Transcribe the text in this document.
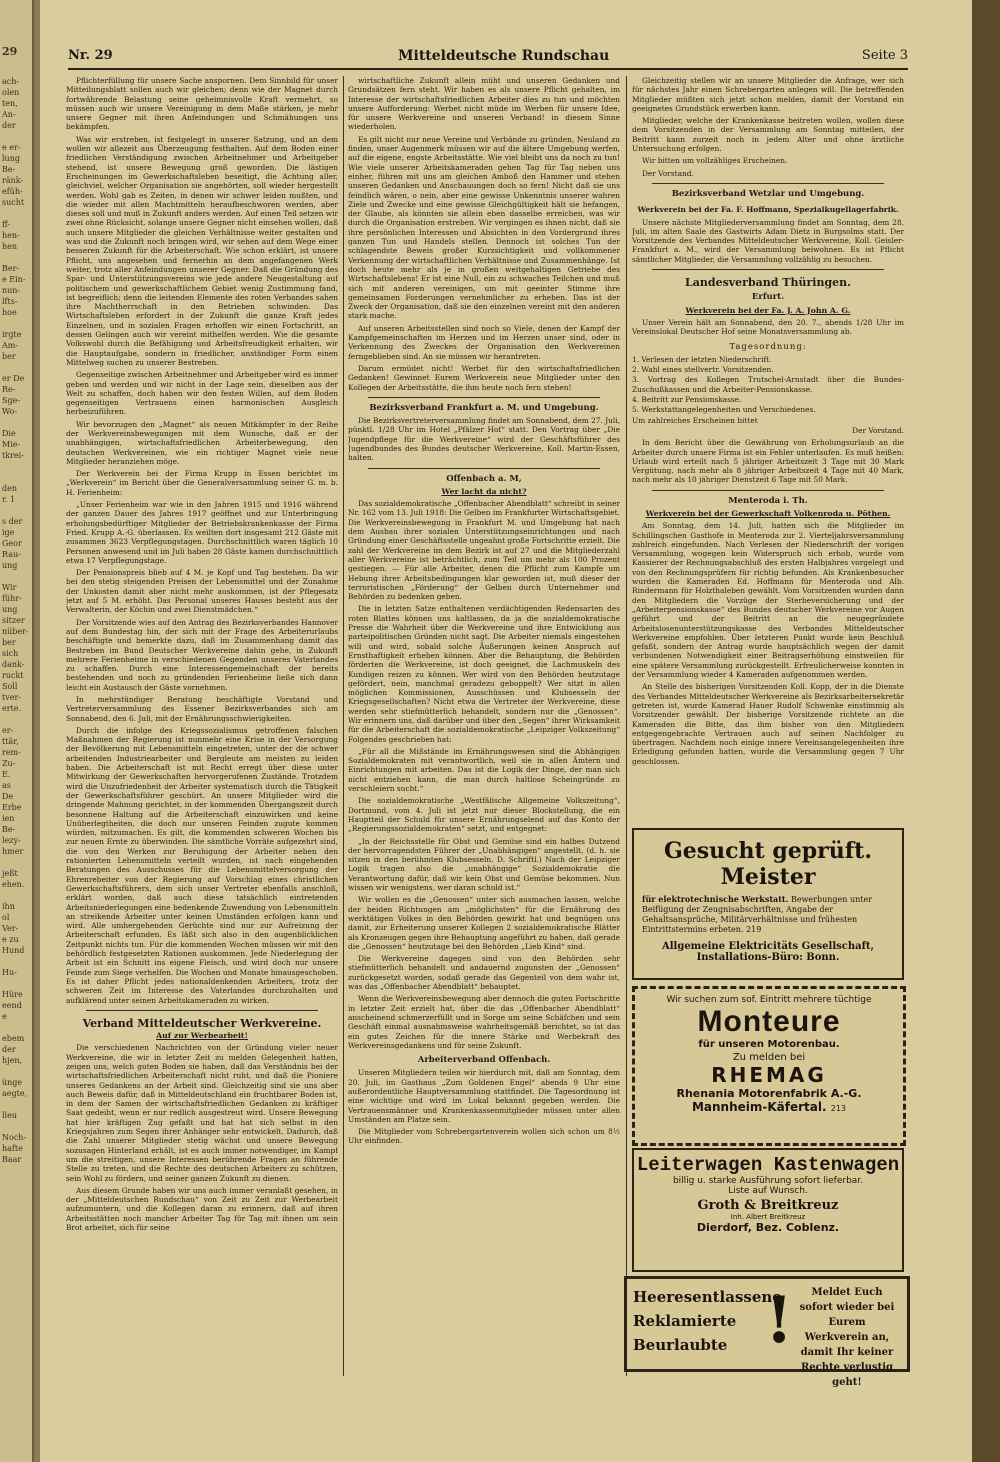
29
ach-
olen
ten,
An-
der

e er-
lung
Be-
ränk-
efüh-
sucht

ff-
hen-
hen

Ber-
e Ein-
nun-
lfts-
hoe

irgte
Am-
ber

er De
Re-
Sge-
Wo-

Die
Mie-
tkrei-

den
r. 1

s der
ige
Geor
Rau-
ung

Wir
führ-
ung
sitzer
nüber-
ber
sich
dank-
ruckt
Soll
tver-
erte.

er-
ttär,
rem-
Zu-
E.
as
De
Erbe
ien
Be-
lezy-
hmer

jeßt
ehen.

ihn
ol
Ver-
e zu
Hund

Hu-

Hüre
eend
e

ebem
der
hjen,

ünge
aegte,

lleu

Noch-
hafte
Baar
Nr. 29	Mitteldeutsche Rundschau	Seite 3

Pflichterfüllung für unsere Sache anspornen. Dem Sinnbild für unser Mitteilungsblatt sollen auch wir gleichen; denn wie der Magnet durch fortwährende Belastung seine geheimnisvolle Kraft vermehrt, so müssen auch wir unsere Vereinigung in dem Maße stärken, je mehr unsere Gegner mit ihren Anfeindungen und Schmähungen uns bekämpfen.

Was wir erstreben, ist festgelegt in unserer Satzung, und an dem wollen wir allezeit aus Überzeugung festhalten. Auf dem Boden einer friedlichen Verständigung zwischen Arbeitnehmer und Arbeitgeber stehend, ist unsere Bewegung groß geworden. Die lästigen Erscheinungen im Gewerkschaftsleben beseitigt, die Achtung aller, gleichviel, welcher Organisation sie angehörten, soll wieder hergestellt werden. Wohl gab es Zeiten, in denen wir schwer leiden mußten, und die wieder mit allen Machtmitteln heraufbeschworen werden, aber dieses soll und muß in Zukunft anders werden. Auf einen Teil setzen wir zwei ohne Rücksicht, solange unsere Gegner nicht einsehen wollen, daß auch unsere Mitglieder die gleichen Verhältnisse weiter gestalten und was und die Zukunft noch bringen wird, wir sehen auf dem Wege einer besseren Zukunft für die Arbeiterschaft. Wie schon erklärt, ist unsere Pflicht, uns angesehen und fernerhin an dem angefangenen Werk weiter, trotz aller Anfeindungen unserer Gegner. Daß die Gründung des Spar- und Unterstützungsvereins wie jede andere Neugestaltung auf politischem und gewerkschaftlichem Gebiet wenig Zustimmung fand, ist begreiflich; denn die leitenden Elemente des roten Verbandes sahen ihre Machtherrschaft in den Betrieben schwinden. Das Wirtschaftsleben erfordert in der Zukunft die ganze Kraft jedes Einzelnen, und in sozialen Fragen erhoffen wir einen Fortschritt, an dessen Gelingen auch wir vereint mithelfen werden. Wie die gesamte Volkswohl durch die Befähigung und Arbeitsfreudigkeit erhalten, wir die Hauptaufgabe, sondern in friedlicher, anständiger Form einen Mittelweg suchen zu unserer Bestreben.

Gegenseitige zwischen Arbeitnehmer und Arbeitgeber wird es immer geben und werden und wir nicht in der Lage sein, dieselben aus der Welt zu schaffen, doch haben wir den festen Willen, auf dem Boden gegenseitigen Vertrauens einen harmonischen Ausgleich herbeizuführen.

Wir bevorzugen den „Magnet“ als neuen Mitkämpfer in der Reihe der Werkvereinsbewegungen mit dem Wunsche, daß er der unabhängigen, wirtschaftsfriedlichen Arbeiterbewegung, den deutschen Werkvereinen, wie ein richtiger Magnet viele neue Mitglieder heranziehen möge.

Der Werkverein bei der Firma Krupp in Essen berichtet im „Werkverein“ im Bericht über die Generalversammlung seiner G. m. b. H. Ferienheim:

„Unser Ferienheim war wie in den Jahren 1915 und 1916 während der ganzen Dauer des Jahres 1917 geöffnet und zur Unterbringung erholungsbedürftiger Mitglieder der Betriebskrankenkasse der Firma Fried. Krupp A.-G. überlassen. Es weilten dort insgesamt 212 Gäste mit zusammen 3623 Verpflegungstagen. Durchschnittlich waren täglich 10 Personen anwesend und im Juli haben 28 Gäste kamen durchschnittlich etwa 17 Verpflegungstage.

Der Pensionspreis blieb auf 4 M. je Kopf und Tag bestehen. Da wir bei den stetig steigenden Preisen der Lebensmittel und der Zunahme der Unkosten damit aber nicht mehr auskommen, ist der Pflegesatz jetzt auf 5 M. erhöht. Das Personal unseres Hauses besteht aus der Verwalterin, der Köchin und zwei Dienstmädchen.“

Der Vorsitzende wies auf den Antrag des Bezirksverbandes Hannover auf dem Bundestag hin, der sich mit der Frage des Arbeiterurlaubs beschäftigte und bemerkte dazu, daß im Zusammenhang damit das Bestreben im Bund Deutscher Werkvereine dahin gehe, in Zukunft mehrere Ferienheime in verschiedenen Gegenden unseres Vaterlandes zu schaffen. Durch eine Interessengemeinschaft der bereits bestehenden und noch zu gründenden Ferienheime ließe sich dann leicht ein Austausch der Gäste vornehmen.

In mehrstündiger Beratung beschäftigte Vorstand und Vertreterversammlung des Essener Bezirksverbandes sich am Sonnabend, den 6. Juli, mit der Ernährungsschwierigkeiten.

Durch die infolge des Kriegssozialismus getroffenen falschen Maßnahmen der Regierung ist nunmehr eine Krise in der Versorgung der Bevölkerung mit Lebensmitteln eingetreten, unter der die schwer arbeitenden Industriearbeiter und Bergleute am meisten zu leiden haben. Die Arbeiterschaft ist mit Recht erregt über diese unter Mitwirkung der Gewerkschaften hervorgerufenen Zustände. Trotzdem wird die Unzufriedenheit der Arbeiter systematisch durch die Tätigkeit der Gewerkschaftsführer geschürt. An unsere Mitglieder wird die dringende Mahnung gerichtet, in der kommenden Übergangszeit durch besonnene Haltung auf die Arbeiterschaft einzuwirken und keine Unüberlegtheiten, die doch nur unseren Feinden zugute kommen würden, mitzumachen. Es gilt, die kommenden schweren Wochen bis zur neuen Ernte zu überwinden. Die sämtliche Vorräte aufgezehrt sind, die von den Werken zur Beruhigung der Arbeiter neben den rationierten Lebensmitteln verteilt wurden, ist nach eingehenden Beratungen des Ausschusses für die Lebensmittelversorgung der Ehrenrebeiter von der Regierung auf Vorschlag eines christlichen Gewerkschaftsführers, dem sich unser Vertreter ebenfalls anschloß, erklärt worden, daß auch diese tatsächlich eintretenden Arbeitsniederlegungen eine bedenkende Zuwendung von Lebensmitteln an streikende Arbeiter unter keinen Umständen erfolgen kann und wird. Alle umhergehenden Gerüchte sind nur zur Aufreizung der Arbeiterschaft erfunden. Es läßt sich also in den augenblicklichen Zeitpunkt nichts tun. Für die kommenden Wochen müssen wir mit den behördlich festgesetzten Rationen auskommen. Jede Niederlegung der Arbeit ist ein Schnitt ins eigene Fleisch, und wird doch nur unsere Feinde zum Siege verhelfen. Die Wochen und Monate hinausgeschoben. Es ist daher Pflicht jedes nationaldenkenden Arbeiters, trotz der schweren Zeit im Interesse des Vaterlandes durchzuhalten und aufklärend unter seinen Arbeitskameraden zu wirken.

Verband Mitteldeutscher Werkvereine.

Auf zur Werbearbeit!

Die verschiedenen Nachrichten von der Gründung vieler neuer Werkvereine, die wir in letzter Zeit zu melden Gelegenheit hatten, zeigen uns, welch guten Boden sie haben, daß das Verständnis bei der wirtschaftsfriedlichen Arbeiterschaft nicht ruht, und daß die Pioniere unseres Gedankens an der Arbeit sind. Gleichzeitig sind sie uns aber auch Beweis dafür, daß in Mitteldeutschland ein fruchtbarer Boden ist, in dem der Samen der wirtschaftsfriedlichen Gedanken zu kräftiger Saat gedeiht, wenn er nur redlich ausgestreut wird. Unsere Bewegung hat hier kräftigen Zug gefaßt und hat hat sich selbst in den Kriegsjahren zum Segen ihrer Anhänger sehr entwickelt. Dadurch, daß die Zahl unserer Mitglieder stetig wächst und unsere Bewegung sozusagen Hinterland erhält, ist es auch immer notwendiger, im Kampf um die streitigen, unsere Interessen berührende Fragen an führende Stelle zu treten, und die Rechte des deutschen Arbeiters zu schützen, sein Wohl zu fördern, und seiner ganzen Zukunft zu dienen.

Aus diesem Grunde haben wir uns auch immer veranlaßt gesehen, in der „Mitteldeutschen Rundschau“ von Zeit zu Zeit zur Werbearbeit aufzumuntern, und die Kollegen daran zu erinnern, daß auf ihren Arbeitsstätten noch mancher Arbeiter Tag für Tag mit ihnen um sein Brot arbeitet, sich für seine

wirtschaftliche Zukunft allein müht und unseren Gedanken und Grundsätzen fern steht. Wir haben es als unsere Pflicht gehalten, im Interesse der wirtschaftsfriedlichen Arbeiter dies zu tun und möchten unsere Aufforderung: Werbet nicht müde im Werben für unsere Idee, für unsere Werkvereine und unseren Verband! in diesem Sinne wiederholen.

Es gilt nicht nur neue Vereine und Verbände zu gründen, Neuland zu finden, unser Augenmerk müssen wir auf die ältere Umgebung werfen, auf die eigene, engste Arbeitsstätte. Wie viel bleibt uns da noch zu tun! Wie viele unserer Arbeitskameraden gehen Tag für Tag neben uns einher, führen mit uns am gleichen Amboß den Hammer und stehen unseren Gedanken und Anschauungen doch so fern! Nicht daß sie uns feindlich wären, o nein, aber eine gewisse Unkenntnis unserer wahren Ziele und Zwecke und eine gewisse Gleichgültigkeit hält sie befangen, der Glaube, als könnten sie allein eben dasselbe erreichen, was wir durch die Organisation erstreben. Wir vergingen es ihnen nicht, daß sie ihre persönlichen Interessen und Absichten in den Vordergrund ihres ganzen Tun und Handels stellen. Dennoch ist solches Tun der schlagendste Beweis großer Kurzsichtigkeit und vollkommener Verkennung der wirtschaftlichen Verhältnisse und Zusammenhänge. Ist doch heute mehr als je in großen weitgehaltigen Getriebe des Wirtschaftslebens! Er ist eine Null, ein zu schwaches Teilchen und muß sich mit anderen vereinigen, um mit geeinter Stimme ihre gemeinsamen Forderungen vernehmlicher zu erheben. Das ist der Zweck der Organisation, daß sie den einzelnen vereint mit den anderen stark mache.

Auf unseren Arbeitsstellen sind noch so Viele, denen der Kampf der Kampfgemeinschaften im Herzen und im Herzen unser sind, oder in Verkennung des Zweckes der Organisation den Werkvereinen ferngeblieben sind. An sie müssen wir herantreten.

Darum ermüdet nicht! Werbet für den wirtschaftsfriedlichen Gedanken! Gewinnet Eurem Werkverein neue Mitglieder unter den Kollegen der Arbeitsstätte, die ihm heute noch fern stehen!

Bezirksverband Frankfurt a. M. und Umgebung.

Die Bezirksvertreterversammlung findet am Sonnabend, dem 27. Juli, pünktl. 1/28 Uhr im Hotel „Pfälzer Hof“ statt. Den Vortrag über „Die Jugendpflege für die Werkvereine“ wird der Geschäftsführer des Jugendbundes des Bundes deutscher Werkvereine, Koll. Martin-Essen, halten.

Offenbach a. M,

Wer lacht da nicht?

Das sozialdemokratische „Offenbacher Abendblatt“ schreibt in seiner Nr. 162 vom 13. Juli 1918: Die Gelben im Frankfurter Wirtschaftsgebiet. Die Werkvereinsbewegung in Frankfurt M. und Umgebung hat nach dem Ausbau ihrer sozialen Unterstützungseinrichtungen und nach Gründung einer Geschäftsstelle ungeahnt große Fortschritte erzielt. Die zahl der Werkvereine im dem Bezirk ist auf 27 und die Mitgliederzahl aller Werkvereine ist beträchtlich, zum Teil um mehr als 100 Prozent gestiegen. — Für alle Arbeiter, denen die Pflicht zum Kampfe um Hebung ihrer Arbeitsbedingungen klar geworden ist, muß dieser der terroristischen „Förderung“ der Gelben durch Unternehmer und Behörden zu bedenken geben.

Die in letzten Satze enthaltenen verdächtigenden Redensarten des roten Blattes können uns kaltlassen, da ja die sozialdemokratische Presse die Wahrheit über die Werkvereine und ihre Entwicklung aus parteipolitischen Gründen nicht sagt. Die Arbeiter niemals eingestehen will und wird, sobald solche Äußerungen keinen Anspruch auf Ernsthaftigkeit erheben können. Aber die Behauptung, die Behörden förderten die Werkvereine, ist doch geeignet, die Lachmuskeln des Kundigen reizen zu können. Wer wird von den Behörden heutzutage gefördert, nein, manchmal geradezu geboppelt? Wer sitzt in allen möglichen Kommissionen, Ausschüssen und Klubsesseln der Kriegsgesellschaften? Nicht etwa die Vertreter der Werkvereine, diese werden sehr stiefmütterlich behandelt, sondern nur die „Genossen“. Wir erinnern uns, daß darüber und über den „Segen“ ihrer Wirksamkeit für die Arbeiterschaft die sozialdemokratische „Leipziger Volkszeitung“ Folgendes geschrieben hat:

„Für all die Mißstände im Ernährungswesen sind die Abhängigen Sozialdemokraten mit verantwortlich, weil sie in allen Ämtern und Einrichtungen mit arbeiten. Das ist die Logik der Dinge, der man sich nicht entziehen kann, die man durch haltlose Scheingründe zu verschleiern sucht.“

Die sozialdemokratische „Westfälische Allgemeine Volkszeitung“, Dortmund, vom 4. Juli ist jetzt nur dieser Blockstellung, die ein Hauptteil der Schuld für unsere Ernährungselend auf das Konto der „Regierungssozialdemokraten“ setzt, und entgegnet:

„In der Reichsstelle für Obst und Gemüse sind ein halbes Dutzend der hervorragendsten Führer der „Unabhängigen“ angestellt, (d. h. sie sitzen in den berühmten Klubsesseln. D. Schriftl.) Nach der Leipziger Logik tragen also die „unabhängige“ Sozialdemokratie die Verantwortung dafür, daß wir kein Obst und Gemüse bekommen. Nun wissen wir wenigstens, wer daran schuld ist.“

Wir wollen es die „Genossen“ unter sich ausmachen lassen, welche der beiden Richtungen am „möglichsten“ für die Ernährung des werktätigen Volkes in den Behörden gewirkt hat und begnügen uns damit, zur Erheiterung unserer Kollegen 2 sozialdemokratische Blätter als Kronzeugen gegen ihre Behauptung angeführt zu haben, daß gerade die „Genossen“ heutzutage bei den Behörden „Lieb Kind“ sind.

Die Werkvereine dagegen sind von den Behörden sehr stiefmütterlich behandelt und andauernd zugunsten der „Genossen“ zurückgesetzt worden, sodaß gerade das Gegenteil von dem wahr ist, was das „Offenbacher Abendblatt“ behauptet.

Wenn die Werkvereinsbewegung aber dennoch die guten Fortschritte in letzter Zeit erzielt hat, über die das „Offenbacher Abendblatt“ anscheinend schmerzerfüllt und in Sorge um seine Schäfchen und sein Geschäft einmal ausnahmsweise wahrheitsgemäß berichtet, so ist das ein gutes Zeichen für die innere Stärke und Werbekraft des Werkvereinsgedankens und für seine Zukunft.

Arbeiterverband Offenbach.

Unseren Mitgliedern teilen wir hierdurch mit, daß am Sonntag, dem 20. Juli, im Gasthaus „Zum Goldenen Engel“ abends 9 Uhr eine außerordentliche Hauptversammlung stattfindet. Die Tagesordnung ist eine wichtige und wird im Lokal bekannt gegeben werden. Die Vertrauensmänner und Krankenkassenmitglieder müssen unter allen Umständen am Platze sein.

Die Mitglieder vom Schrebergartenverein wollen sich schon um 8½ Uhr einfinden.

Gleichzeitig stellen wir an unsere Mitglieder die Anfrage, wer sich für nächstes Jahr einen Schrebergarten anlegen will. Die betreffenden Mitglieder müßten sich jetzt schon melden, damit der Vorstand ein geeignetes Grundstück erwerben kann.

Mitglieder, welche der Krankenkasse beitreten wollen, wollen diese dem Vorsitzenden in der Versammlung am Sonntag mitteilen, der Beitritt kann zurzeit noch in jedem Alter und ohne ärztliche Untersuchung erfolgen.

Wir bitten um vollzähliges Erscheinen.

Der Vorstand.

Bezirksverband Wetzlar und Umgebung.

Werkverein bei der Fa. F. Hoffmann, Spezialkugellagerfabrik.

Unsere nächste Mitgliederversammlung findet am Sonntag, dem 28. Juli, im alten Saale des Gastwirts Adam Dietz in Burgsolms statt. Der Vorsitzende des Verbandes Mitteldeutscher Werkvereine, Koll. Geisler-Frankfurt a. M., wird der Versammlung beiwohnen. Es ist Pflicht sämtlicher Mitglieder, die Versammlung vollzählig zu besuchen.

Landesverband Thüringen.

Erfurt.

Werkverein bei der Fa. J. A. John A. G.

Unser Verein hält am Sonnabend, den 20. 7., abends 1/28 Uhr im Vereinslokal Deutscher Hof seine Monatsversammlung ab.

Tagesordnung:

1. Verlesen der letzten Niederschrift.

2. Wahl eines stellvertr. Vorsitzenden.

3. Vortrag des Kollegen Trutschel-Arnstadt über die Bundes-Zuschußkassen und die Arbeiter-Pensionskasse.

4. Beitritt zur Pensionskasse.

5. Werkstattangelegenheiten und Verschiedenes.

Um zahlreiches Erscheinen bittet

Der Vorstand.

In dem Bericht über die Gewährung von Erholungsurlaub an die Arbeiter durch unsere Firma ist ein Fehler unterlaufen. Es muß heißen: Urlaub wird erteilt nach 5 jähriger Arbeitszeit 3 Tage mit 30 Mark Vergütung, nach mehr als 8 jähriger Arbeitszeit 4 Tage mit 40 Mark, nach mehr als 10 jähriger Dienstzeit 6 Tage mit 50 Mark.

Menteroda i. Th.

Werkverein bei der Gewerkschaft Volkenroda u. Pöthen.

Am Sonntag, dem 14. Juli, hatten sich die Mitglieder im Schillingschen Gasthofe in Menteroda zur 2. Vierteljahrsversammlung zahlreich eingefunden. Nach Verlesen der Niederschrift der vorigen Versammlung, wogegen kein Widerspruch sich erhob, wurde vom Kassierer der Rechnungsabschluß des ersten Halbjahres vorgelegt und von den Rechnungsprüfern für richtig befunden. Als Krankenbesucher wurden die Kameraden Ed. Hoffmann für Menteroda und Alb. Rindermann für Holzthaleben gewählt. Vom Vorsitzenden wurden dann den Mitgliedern die Vorzüge der Sterbeversicherung und der „Arbeiterpensionskasse“ des Bundes deutscher Werkvereine vor Augen geführt und der Beitritt an die neugegründete Arbeitslosenunterstützungskasse des Verbandes Mitteldeutscher Werkvereine empfohlen. Über letzteren Punkt wurde kein Beschluß gefaßt, sondern der Antrag wurde hauptsächlich wegen der damit verbundenen Notwendigkeit einer Beitragserhöhung einstweilen für eine spätere Versammlung zurückgestellt. Erfreulicherweise konnten in der Versammlung wieder 4 Kameraden aufgenommen werden.

An Stelle des bisherigen Vorsitzenden Koll. Kopp, der in die Dienste des Verbandes Mitteldeutscher Werkvereine als Bezirksarbeitersekretär getreten ist, wurde Kamerad Hauer Rudolf Schwenke einstimmig als Vorsitzender gewählt. Der bisherige Vorsitzende richtete an die Kameraden die Bitte, das ihm bisher von den Mitgliedern entgegengebrachte Vertrauen auch auf seinen Nachfolger zu übertragen. Nachdem noch einige innere Vereinsangelegenheiten ihre Erledigung gefunden hatten, wurde die Versammlung gegen 7 Uhr geschlossen.

Gesucht geprüft. Meister
für elektrotechnische Werkstatt. Bewerbungen unter Beifügung der Zeugnisabschriften, Angabe der Gehaltsansprüche, Militärverhältnisse und frühesten Eintrittstermins erbeten. 219
Allgemeine Elektricitäts Gesellschaft,
Installations-Büro: Bonn.
Wir suchen zum sof. Eintritt mehrere tüchtige
Monteure
für unseren Motorenbau.
Zu melden bei
RHEMAG
Rhenania Motorenfabrik A.-G.
Mannheim-Käfertal. 213
Leiterwagen Kastenwagen
billig u. starke Ausführung sofort lieferbar.
Liste auf Wunsch.
Groth & Breitkreuz
Inh. Albert Breitkreuz
Dierdorf, Bez. Coblenz.
Heeresentlassene
Reklamierte
Beurlaubte !	Meldet Euch sofort wieder bei Eurem Werkverein an, damit Ihr keiner Rechte verlustig geht!
